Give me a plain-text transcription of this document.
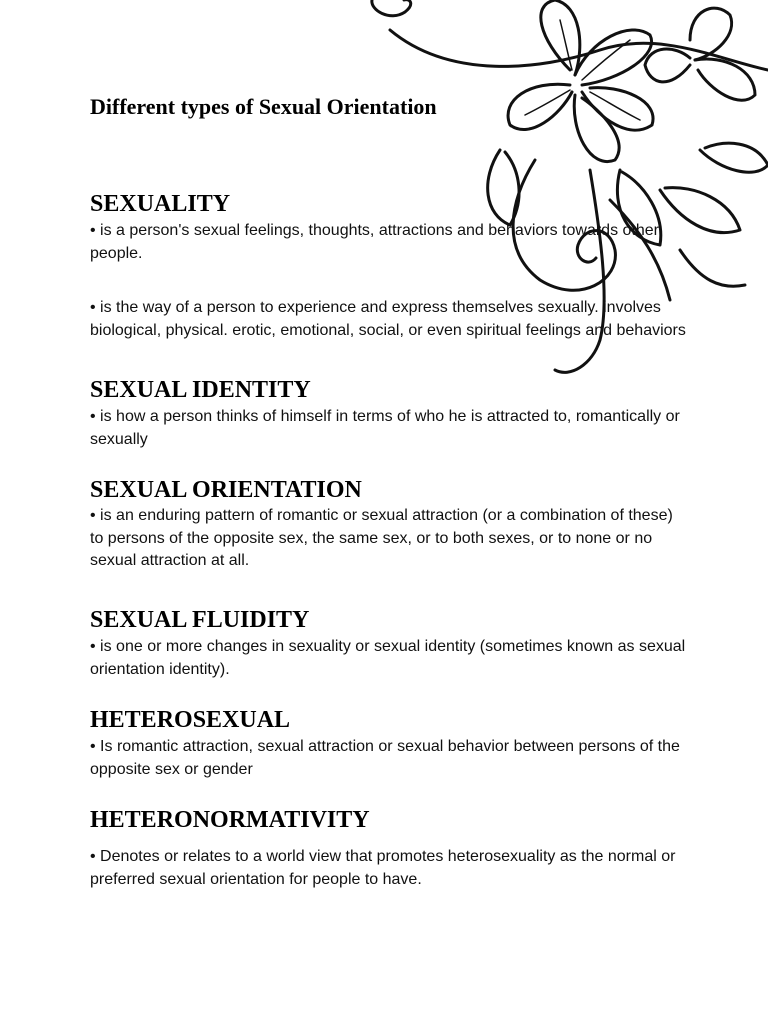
Different types of Sexual Orientation
SEXUALITY

• is a person's sexual feelings, thoughts, attractions and behaviors towards other people.

• is the way of a person to experience and express themselves sexually. involves biological, physical. erotic, emotional, social, or even spiritual feelings and behaviors

SEXUAL IDENTITY

• is how a person thinks of himself in terms of who he is attracted to, romantically or sexually

SEXUAL ORIENTATION

• is an enduring pattern of romantic or sexual attraction (or a combination of these) to persons of the opposite sex, the same sex, or to both sexes, or to none or no sexual attraction at all.

SEXUAL FLUIDITY

• is one or more changes in sexuality or sexual identity (sometimes known as sexual orientation identity).

HETEROSEXUAL

• Is romantic attraction, sexual attraction or sexual behavior between persons of the opposite sex or gender

HETERONORMATIVITY

• Denotes or relates to a world view that promotes heterosexuality as the normal or preferred sexual orientation for people to have.
